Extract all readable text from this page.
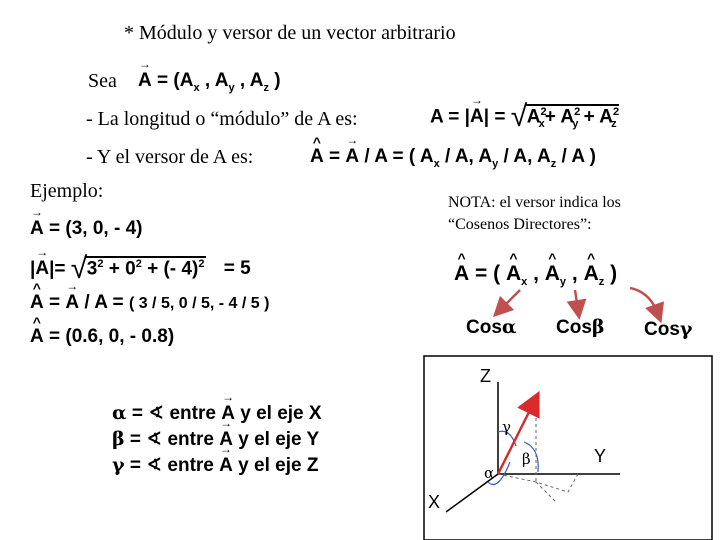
* Módulo y versor de un vector arbitrario
Sea → $A = (A_x$ , $A_y$ , $A_z$ )
- La longitud o “módulo” de A es:	A = |→ A| = √ $A^2_x+ A^2_y + A^2_z$
- Y el versor de A es:	^ A = → A / A = ( $A_x$ / A, $A_y$ / A, $A_z$ / A )
Ejemplo:
→ A = (3, 0, - 4)
|→ A|= √ $3^2 + 0^2$ + (- 4)$^2$ = 5
^ A = → A / A = ( 3 / 5, 0 / 5, - 4 / 5 )
^ A = (0.6, 0, - 0.8)
α = ∢ entre → A y el eje X
β = ∢ entre → A y el eje Y
γ = ∢ entre → A y el eje Z
NOTA: el versor indica los
“Cosenos Directores”:
^ A = ( ^ $A_x$ , ^ $A_y$ , ^ $A_z$ )
Cosα Cosβ Cosγ
Z
Y
X
γ
β
α
